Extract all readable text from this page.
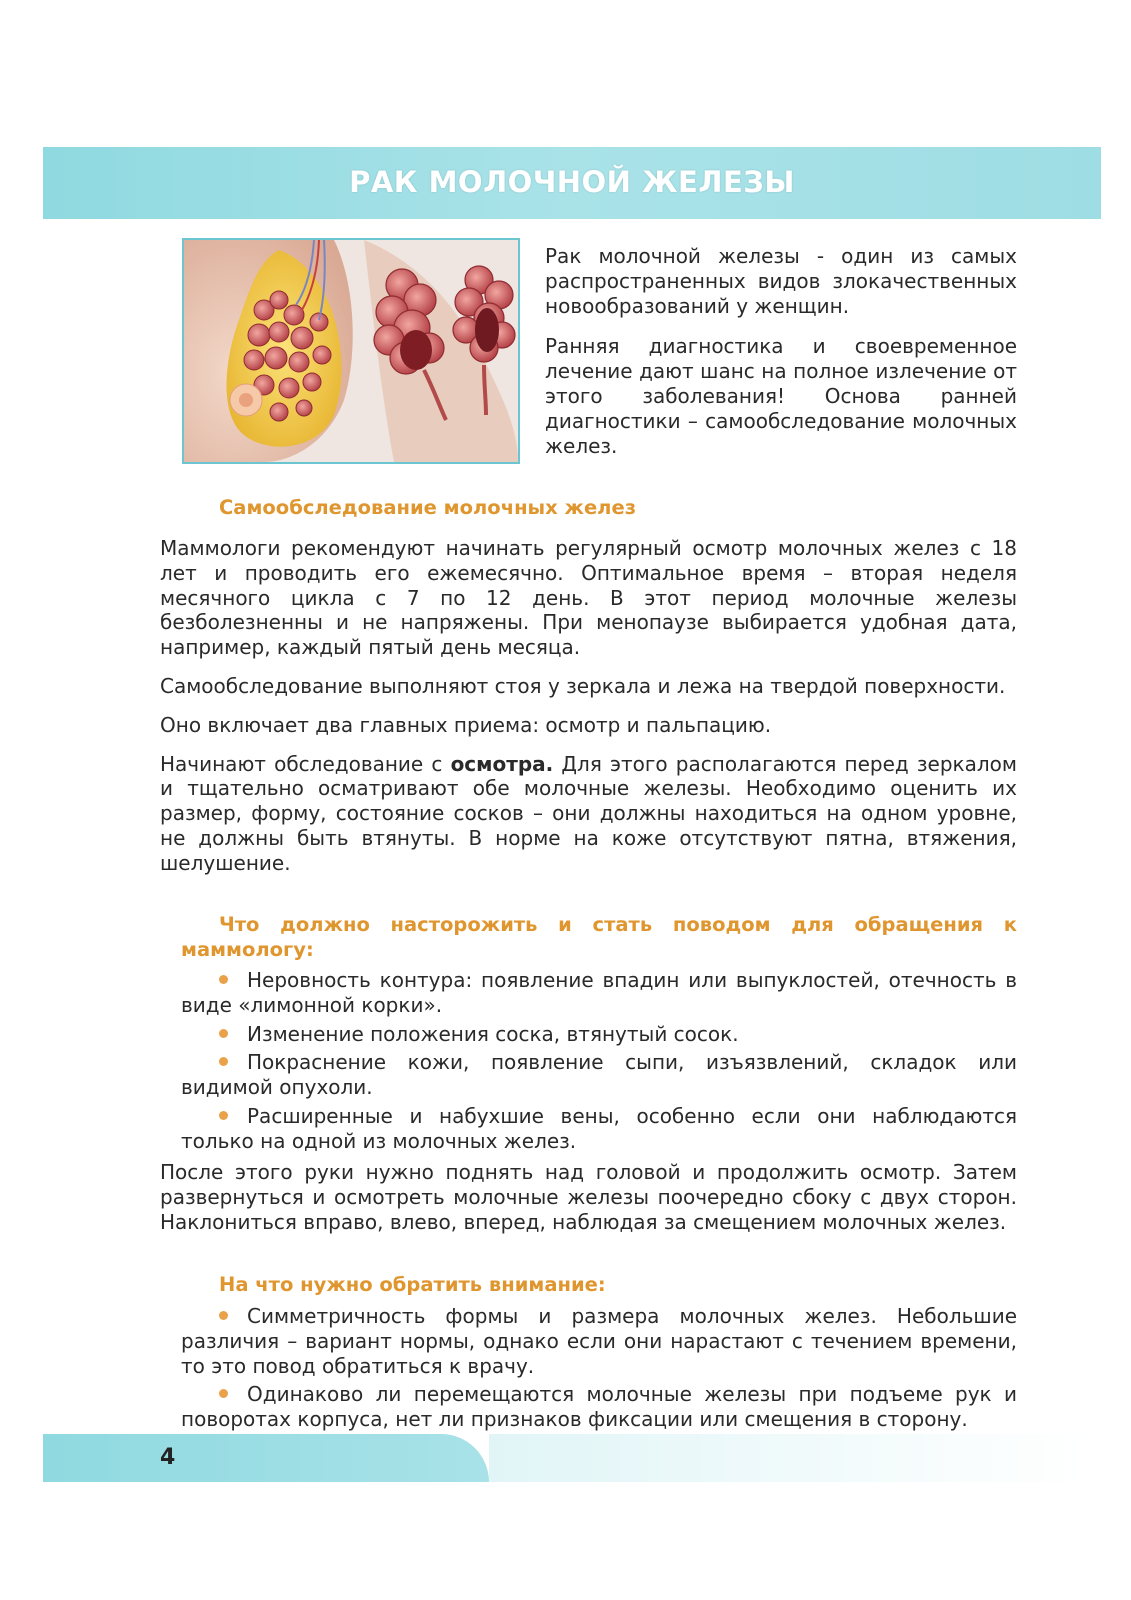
РАК МОЛОЧНОЙ ЖЕЛЕЗЫ

Рак молочной железы - один из самых распространенных видов злокачественных новообразований у женщин.

Ранняя диагностика и своевременное лечение дают шанс на полное излечение от этого заболевания! Основа ранней диагностики – самообследование молочных желез.

Самообследование молочных желез

Маммологи рекомендуют начинать регулярный осмотр молочных желез с 18 лет и проводить его ежемесячно. Оптимальное время – вторая неделя месячного цикла с 7 по 12 день. В этот период молочные железы безболезненны и не напряжены. При менопаузе выбирается удобная дата, например, каждый пятый день месяца.

Самообследование выполняют стоя у зеркала и лежа на твердой поверхности.

Оно включает два главных приема: осмотр и пальпацию.

Начинают обследование с осмотра. Для этого располагаются перед зеркалом и тщательно осматривают обе молочные железы. Необходимо оценить их размер, форму, состояние сосков – они должны находиться на одном уровне, не должны быть втянуты. В норме на коже отсутствуют пятна, втяжения, шелушение.

Что должно насторожить и стать поводом для обращения к маммологу:
Неровность контура: появление впадин или выпуклостей, отечность в виде «лимонной корки».
Изменение положения соска, втянутый сосок.
Покраснение кожи, появление сыпи, изъязвлений, складок или видимой опухоли.
Расширенные и набухшие вены, особенно если они наблюдаются только на одной из молочных желез.

После этого руки нужно поднять над головой и продолжить осмотр. Затем развернуться и осмотреть молочные железы поочередно сбоку с двух сторон. Наклониться вправо, влево, вперед, наблюдая за смещением молочных желез.

На что нужно обратить внимание:
Симметричность формы и размера молочных желез. Небольшие различия – вариант нормы, однако если они нарастают с течением времени, то это повод обратиться к врачу.
Одинаково ли перемещаются молочные железы при подъеме рук и поворотах корпуса, нет ли признаков фиксации или смещения в сторону.
4
